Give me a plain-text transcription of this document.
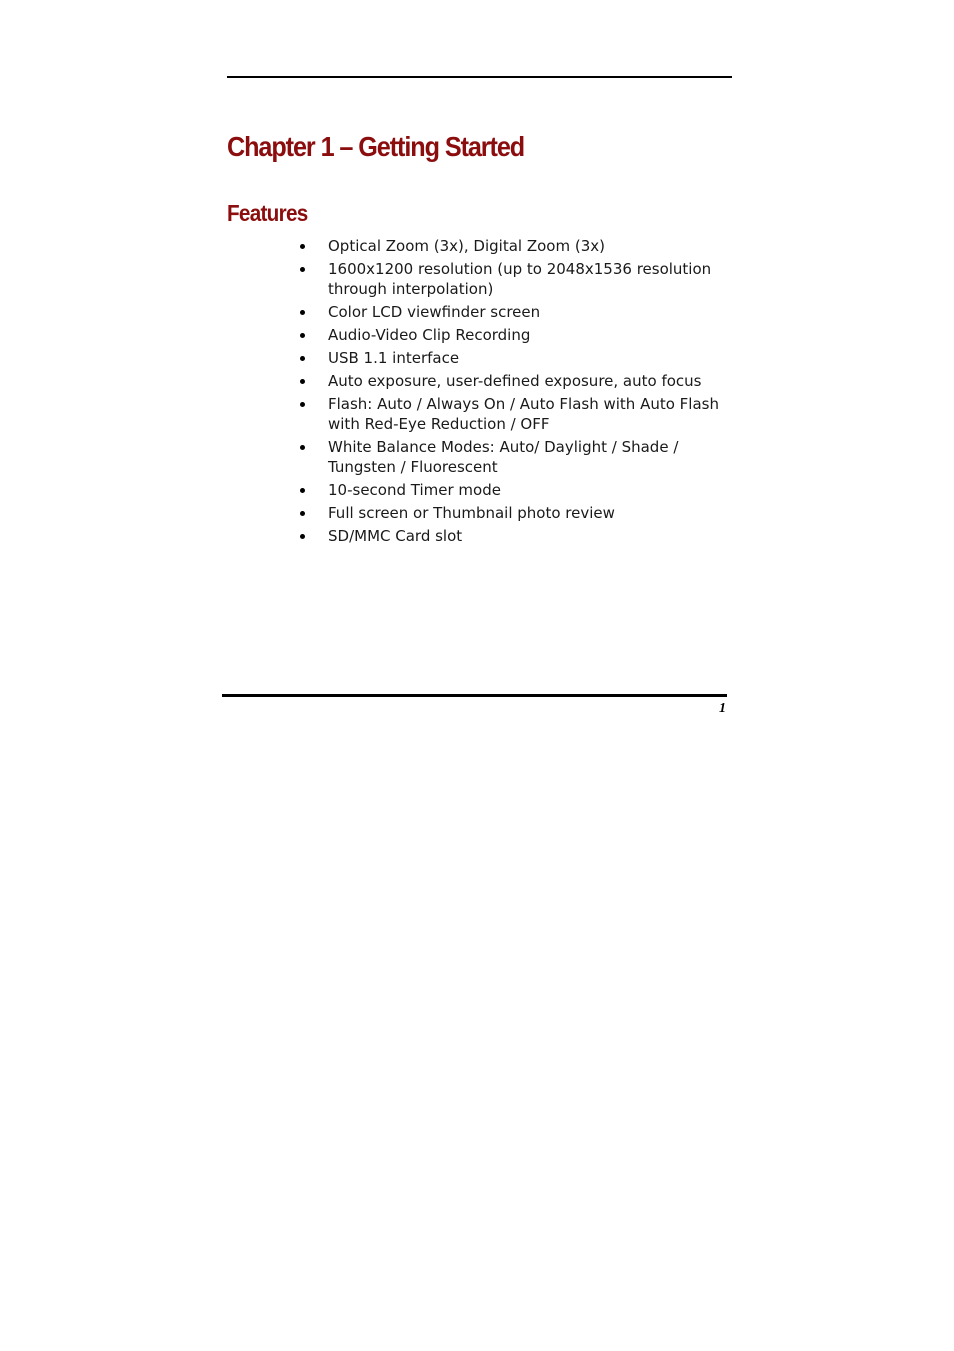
Chapter 1 – Getting Started
Features
Optical Zoom (3x), Digital Zoom (3x)
1600x1200 resolution (up to 2048x1536 resolution through interpolation)
Color LCD viewfinder screen
Audio-Video Clip Recording
USB 1.1 interface
Auto exposure, user-defined exposure, auto focus
Flash: Auto / Always On / Auto Flash with Auto Flash with Red-Eye Reduction / OFF
White Balance Modes: Auto/ Daylight / Shade / Tungsten / Fluorescent
10-second Timer mode
Full screen or Thumbnail photo review
SD/MMC Card slot
1
